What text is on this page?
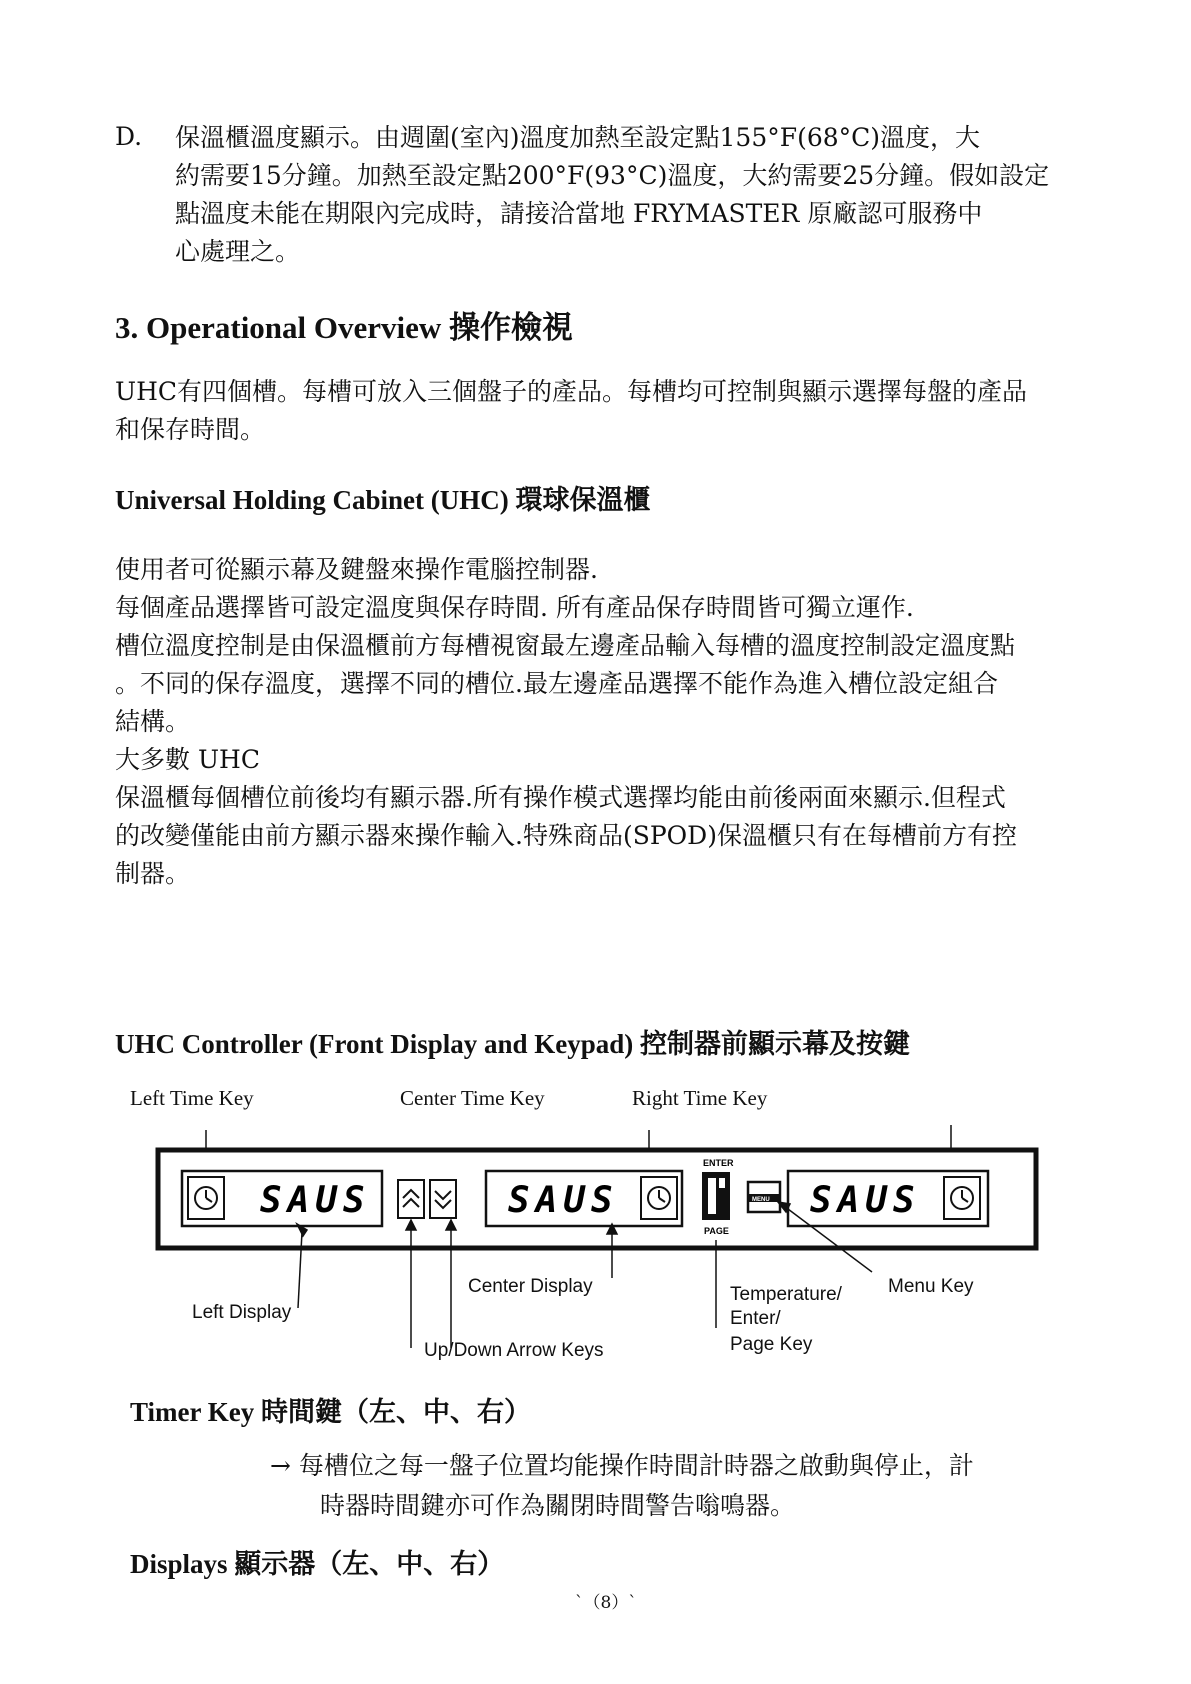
D. 保溫櫃溫度顯示。由週圍(室內)溫度加熱至設定點155°F(68°C)溫度，大
約需要15分鐘。加熱至設定點200°F(93°C)溫度，大約需要25分鐘。假如設定
點溫度未能在期限內完成時，請接洽當地 FRYMASTER 原廠認可服務中
心處理之。
3. Operational Overview 操作檢視
UHC有四個槽。每槽可放入三個盤子的產品。每槽均可控制與顯示選擇每盤的產品
和保存時間。
Universal Holding Cabinet (UHC) 環球保溫櫃
使用者可從顯示幕及鍵盤來操作電腦控制器.
每個產品選擇皆可設定溫度與保存時間. 所有產品保存時間皆可獨立運作.
槽位溫度控制是由保溫櫃前方每槽視窗最左邊產品輸入每槽的溫度控制設定溫度點
。不同的保存溫度，選擇不同的槽位.最左邊產品選擇不能作為進入槽位設定組合
結構。
大多數 UHC
保溫櫃每個槽位前後均有顯示器.所有操作模式選擇均能由前後兩面來顯示.但程式
的改變僅能由前方顯示器來操作輸入.特殊商品(SPOD)保溫櫃只有在每槽前方有控
制器。
UHC Controller (Front Display and Keypad) 控制器前顯示幕及按鍵
Left Time Key	Center Time Key	Right Time Key
SAUS	SAUS
ENTER
PAGE
MENU SAUS
Left Display
Center Display
Up/Down Arrow Keys
Temperature/
Enter/
Page Key
Menu Key
Timer Key 時間鍵（左、中、右）
→ 每槽位之每一盤子位置均能操作時間計時器之啟動與停止，計
時器時間鍵亦可作為關閉時間警告嗡鳴器。
Displays 顯示器（左、中、右）
`（8）`
